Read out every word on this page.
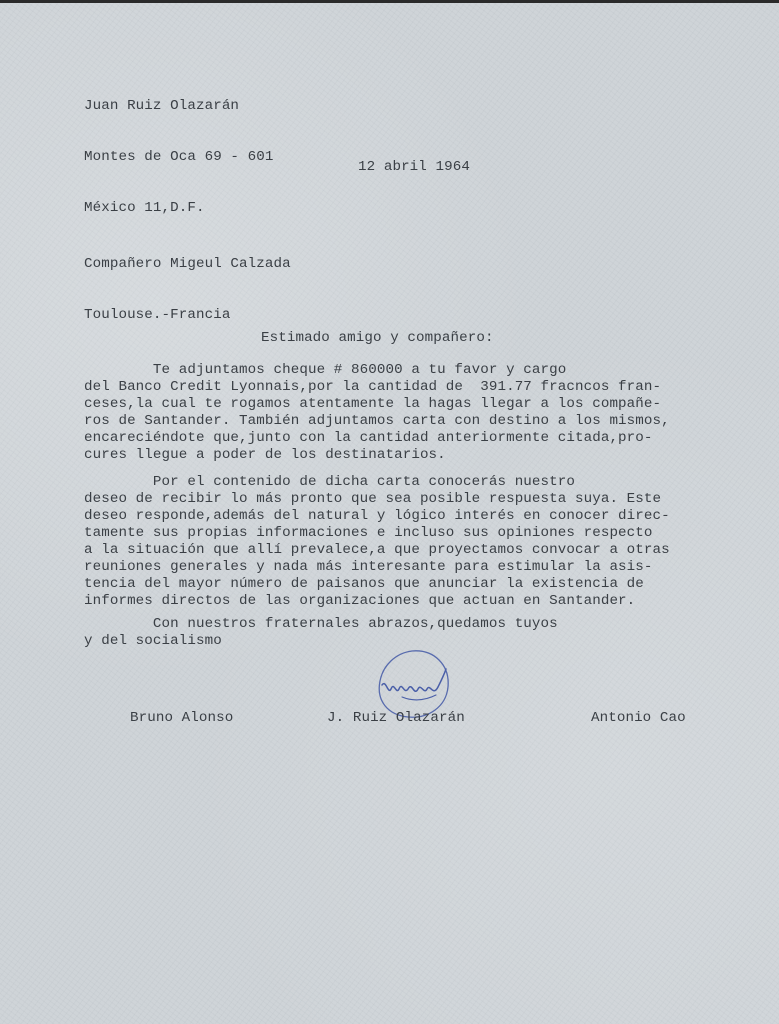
Juan Ruiz Olazarán

Montes de Oca 69 - 601

México 11,D.F.

12 abril 1964

Compañero Migeul Calzada

Toulouse.-Francia

Estimado amigo y compañero:
Te adjuntamos cheque # 860000 a tu favor y cargo
del Banco Credit Lyonnais,por la cantidad de  391.77 fracncos fran-
ceses,la cual te rogamos atentamente la hagas llegar a los compañe-
ros de Santander. También adjuntamos carta con destino a los mismos,
encareciéndote que,junto con la cantidad anteriormente citada,pro-
cures llegue a poder de los destinatarios.
Por el contenido de dicha carta conocerás nuestro
deseo de recibir lo más pronto que sea posible respuesta suya. Este
deseo responde,además del natural y lógico interés en conocer direc-
tamente sus propias informaciones e incluso sus opiniones respecto
a la situación que allí prevalece,a que proyectamos convocar a otras
reuniones generales y nada más interesante para estimular la asis-
tencia del mayor número de paisanos que anunciar la existencia de
informes directos de las organizaciones que actuan en Santander.
Con nuestros fraternales abrazos,quedamos tuyos
y del socialismo
Bruno Alonso	J. Ruiz Olazarán	Antonio Cao
